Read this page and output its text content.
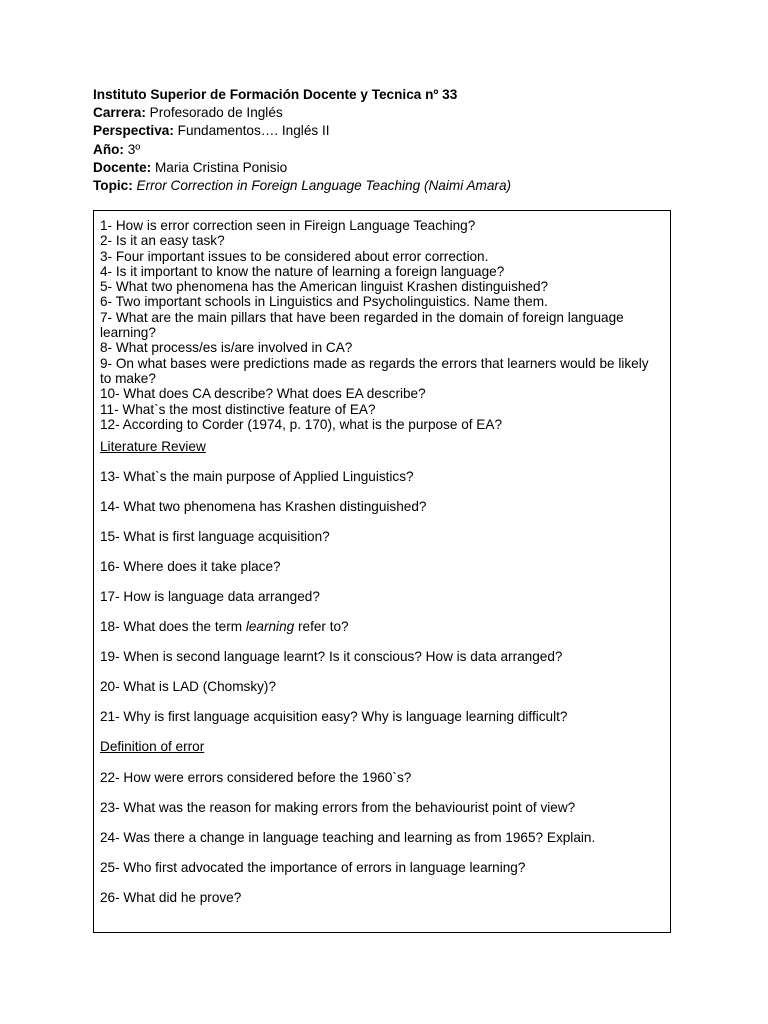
Instituto Superior de Formación Docente y Tecnica nº 33
Carrera: Profesorado de Inglés
Perspectiva: Fundamentos…. Inglés II
Año: 3º
Docente: Maria Cristina Ponisio
Topic: Error Correction in Foreign Language Teaching (Naimi Amara)
1- How is error correction seen in Fireign Language Teaching?
2- Is it an easy task?
3- Four important issues to be considered about error correction.
4- Is it important to know the nature of learning a foreign language?
5- What two phenomena has the American linguist Krashen distinguished?
6- Two important schools in Linguistics and Psycholinguistics. Name them.
7- What are the main pillars that have been regarded in the domain of foreign language learning?
8- What process/es is/are involved in CA?
9- On what bases were predictions made as regards the errors that learners would be likely to make?
10- What does CA describe? What does EA describe?
11- What`s the most distinctive feature of EA?
12- According to Corder (1974, p. 170), what is the purpose of EA?
Literature Review
13- What`s the main purpose of Applied Linguistics?
14- What two phenomena has Krashen distinguished?
15- What is first language acquisition?
16- Where does it take place?
17- How is language data arranged?
18- What does the term learning refer to?
19- When is second language learnt? Is it conscious? How is data arranged?
20- What is LAD (Chomsky)?
21- Why is first language acquisition easy? Why is language learning difficult?
Definition of error
22- How were errors considered before the 1960`s?
23- What was the reason for making errors from the behaviourist point of view?
24- Was there a change in language teaching and learning as from 1965? Explain.
25- Who first advocated the importance of errors in language learning?
26- What did he prove?
